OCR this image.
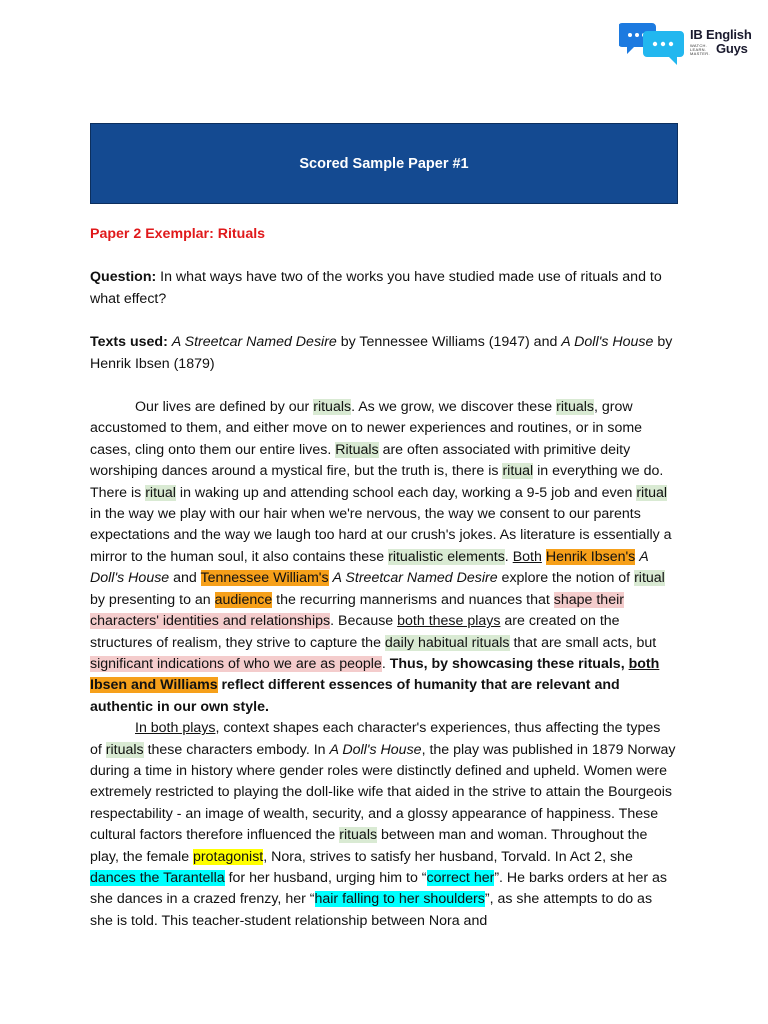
IB English
Guys
WATCH. LEARN. MASTER.
Scored Sample Paper #1

Paper 2 Exemplar: Rituals

Question: In what ways have two of the works you have studied made use of rituals and to what effect?

Texts used: A Streetcar Named Desire by Tennessee Williams (1947) and A Doll's House by Henrik Ibsen (1879)

Our lives are defined by our rituals. As we grow, we discover these rituals, grow accustomed to them, and either move on to newer experiences and routines, or in some cases, cling onto them our entire lives. Rituals are often associated with primitive deity worshiping dances around a mystical fire, but the truth is, there is ritual in everything we do. There is ritual in waking up and attending school each day, working a 9-5 job and even ritual in the way we play with our hair when we're nervous, the way we consent to our parents expectations and the way we laugh too hard at our crush's jokes. As literature is essentially a mirror to the human soul, it also contains these ritualistic elements. Both Henrik Ibsen's A Doll's House and Tennessee William's A Streetcar Named Desire explore the notion of ritual by presenting to an audience the recurring mannerisms and nuances that shape their characters' identities and relationships. Because both these plays are created on the structures of realism, they strive to capture the daily habitual rituals that are small acts, but significant indications of who we are as people. Thus, by showcasing these rituals, both Ibsen and Williams reflect different essences of humanity that are relevant and authentic in our own style.

In both plays, context shapes each character's experiences, thus affecting the types of rituals these characters embody. In A Doll's House, the play was published in 1879 Norway during a time in history where gender roles were distinctly defined and upheld. Women were extremely restricted to playing the doll-like wife that aided in the strive to attain the Bourgeois respectability - an image of wealth, security, and a glossy appearance of happiness. These cultural factors therefore influenced the rituals between man and woman. Throughout the play, the female protagonist, Nora, strives to satisfy her husband, Torvald. In Act 2, she dances the Tarantella for her husband, urging him to “correct her”. He barks orders at her as she dances in a crazed frenzy, her “hair falling to her shoulders”, as she attempts to do as she is told. This teacher-student relationship between Nora and
